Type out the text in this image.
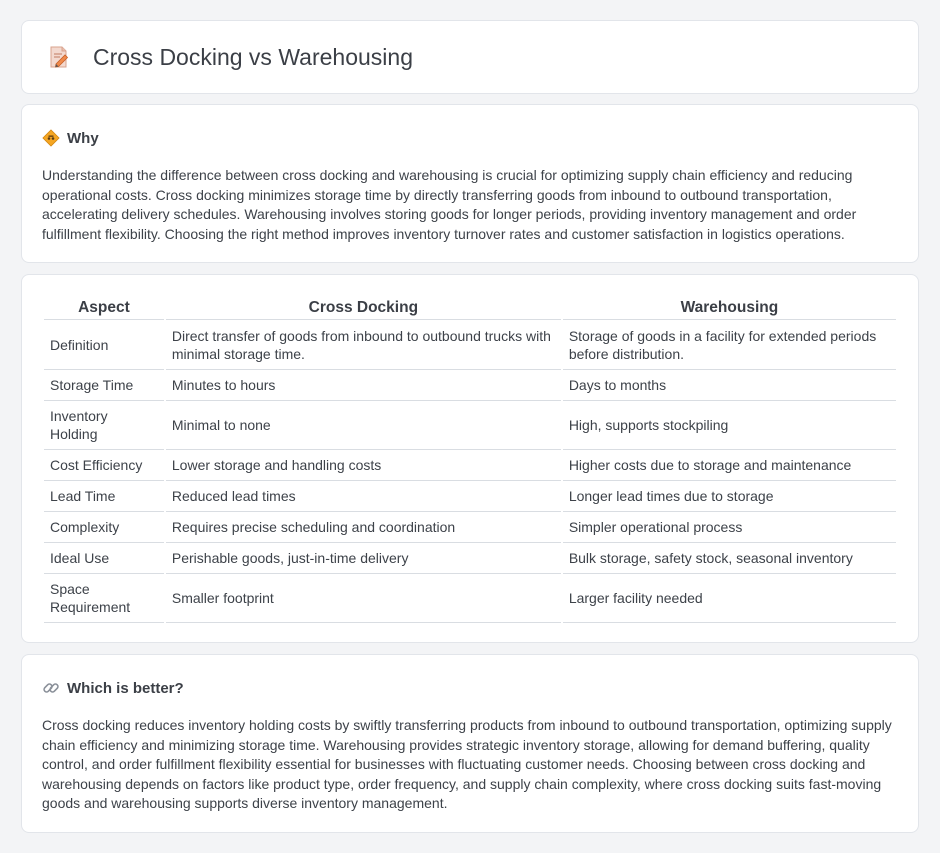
Cross Docking vs Warehousing
Why

Understanding the difference between cross docking and warehousing is crucial for optimizing supply chain efficiency and reducing operational costs. Cross docking minimizes storage time by directly transferring goods from inbound to outbound transportation, accelerating delivery schedules. Warehousing involves storing goods for longer periods, providing inventory management and order fulfillment flexibility. Choosing the right method improves inventory turnover rates and customer satisfaction in logistics operations.

Aspect	Cross Docking	Warehousing
Definition	Direct transfer of goods from inbound to outbound trucks with minimal storage time.	Storage of goods in a facility for extended periods before distribution.
Storage Time	Minutes to hours	Days to months
Inventory Holding	Minimal to none	High, supports stockpiling
Cost Efficiency	Lower storage and handling costs	Higher costs due to storage and maintenance
Lead Time	Reduced lead times	Longer lead times due to storage
Complexity	Requires precise scheduling and coordination	Simpler operational process
Ideal Use	Perishable goods, just-in-time delivery	Bulk storage, safety stock, seasonal inventory
Space Requirement	Smaller footprint	Larger facility needed
Which is better?

Cross docking reduces inventory holding costs by swiftly transferring products from inbound to outbound transportation, optimizing supply chain efficiency and minimizing storage time. Warehousing provides strategic inventory storage, allowing for demand buffering, quality control, and order fulfillment flexibility essential for businesses with fluctuating customer needs. Choosing between cross docking and warehousing depends on factors like product type, order frequency, and supply chain complexity, where cross docking suits fast-moving goods and warehousing supports diverse inventory management.
